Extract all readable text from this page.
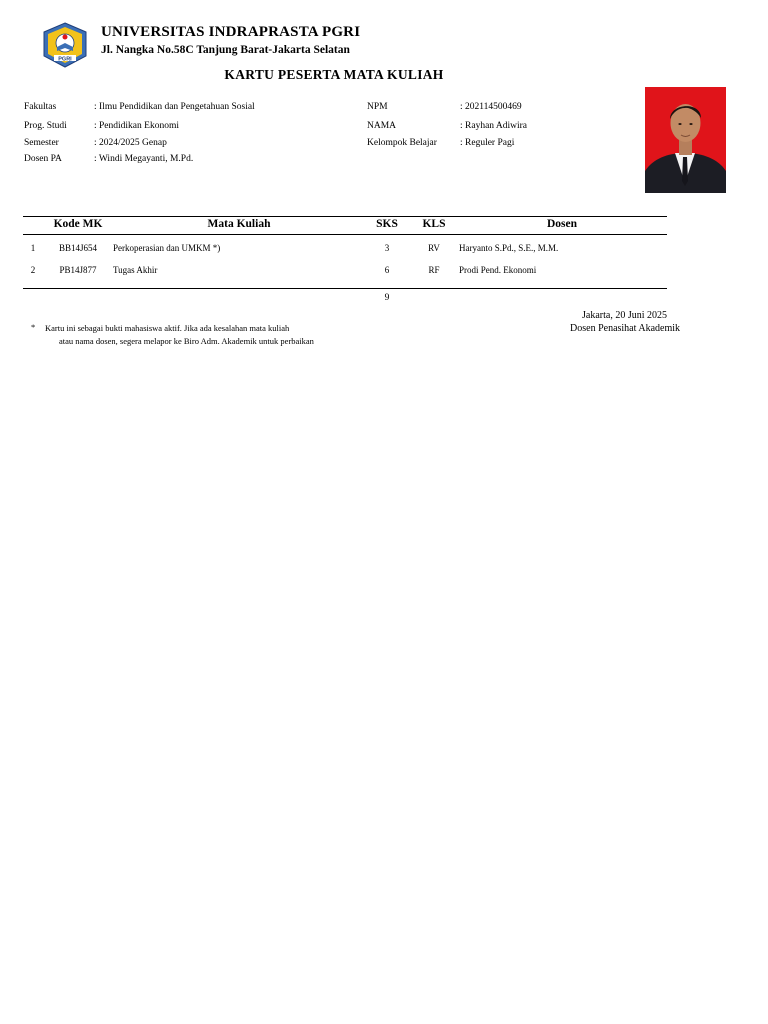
PGRI
UNIVERSITAS INDRAPRASTA PGRI
Jl. Nangka No.58C Tanjung Barat-Jakarta Selatan
KARTU PESERTA MATA KULIAH
Fakultas	: Ilmu Pendidikan dan Pengetahuan Sosial
Prog. Studi	: Pendidikan Ekonomi
Semester	: 2024/2025 Genap
Dosen PA	: Windi Megayanti, M.Pd.
NPM	: 202114500469
NAMA	: Rayhan Adiwira
Kelompok Belajar : Reguler Pagi
Kode MK	Mata Kuliah	SKS KLS	Dosen
1	BB14J654 Perkoperasian dan UMKM *)	3	RV Haryanto S.Pd., S.E., M.M.
2	PB14J877 Tugas Akhir	6	RF Prodi Pend. Ekonomi
9
Jakarta, 20 Juni 2025
Dosen Penasihat Akademik
* Kartu ini sebagai bukti mahasiswa aktif. Jika ada kesalahan mata kuliah
atau nama dosen, segera melapor ke Biro Adm. Akademik untuk perbaikan
